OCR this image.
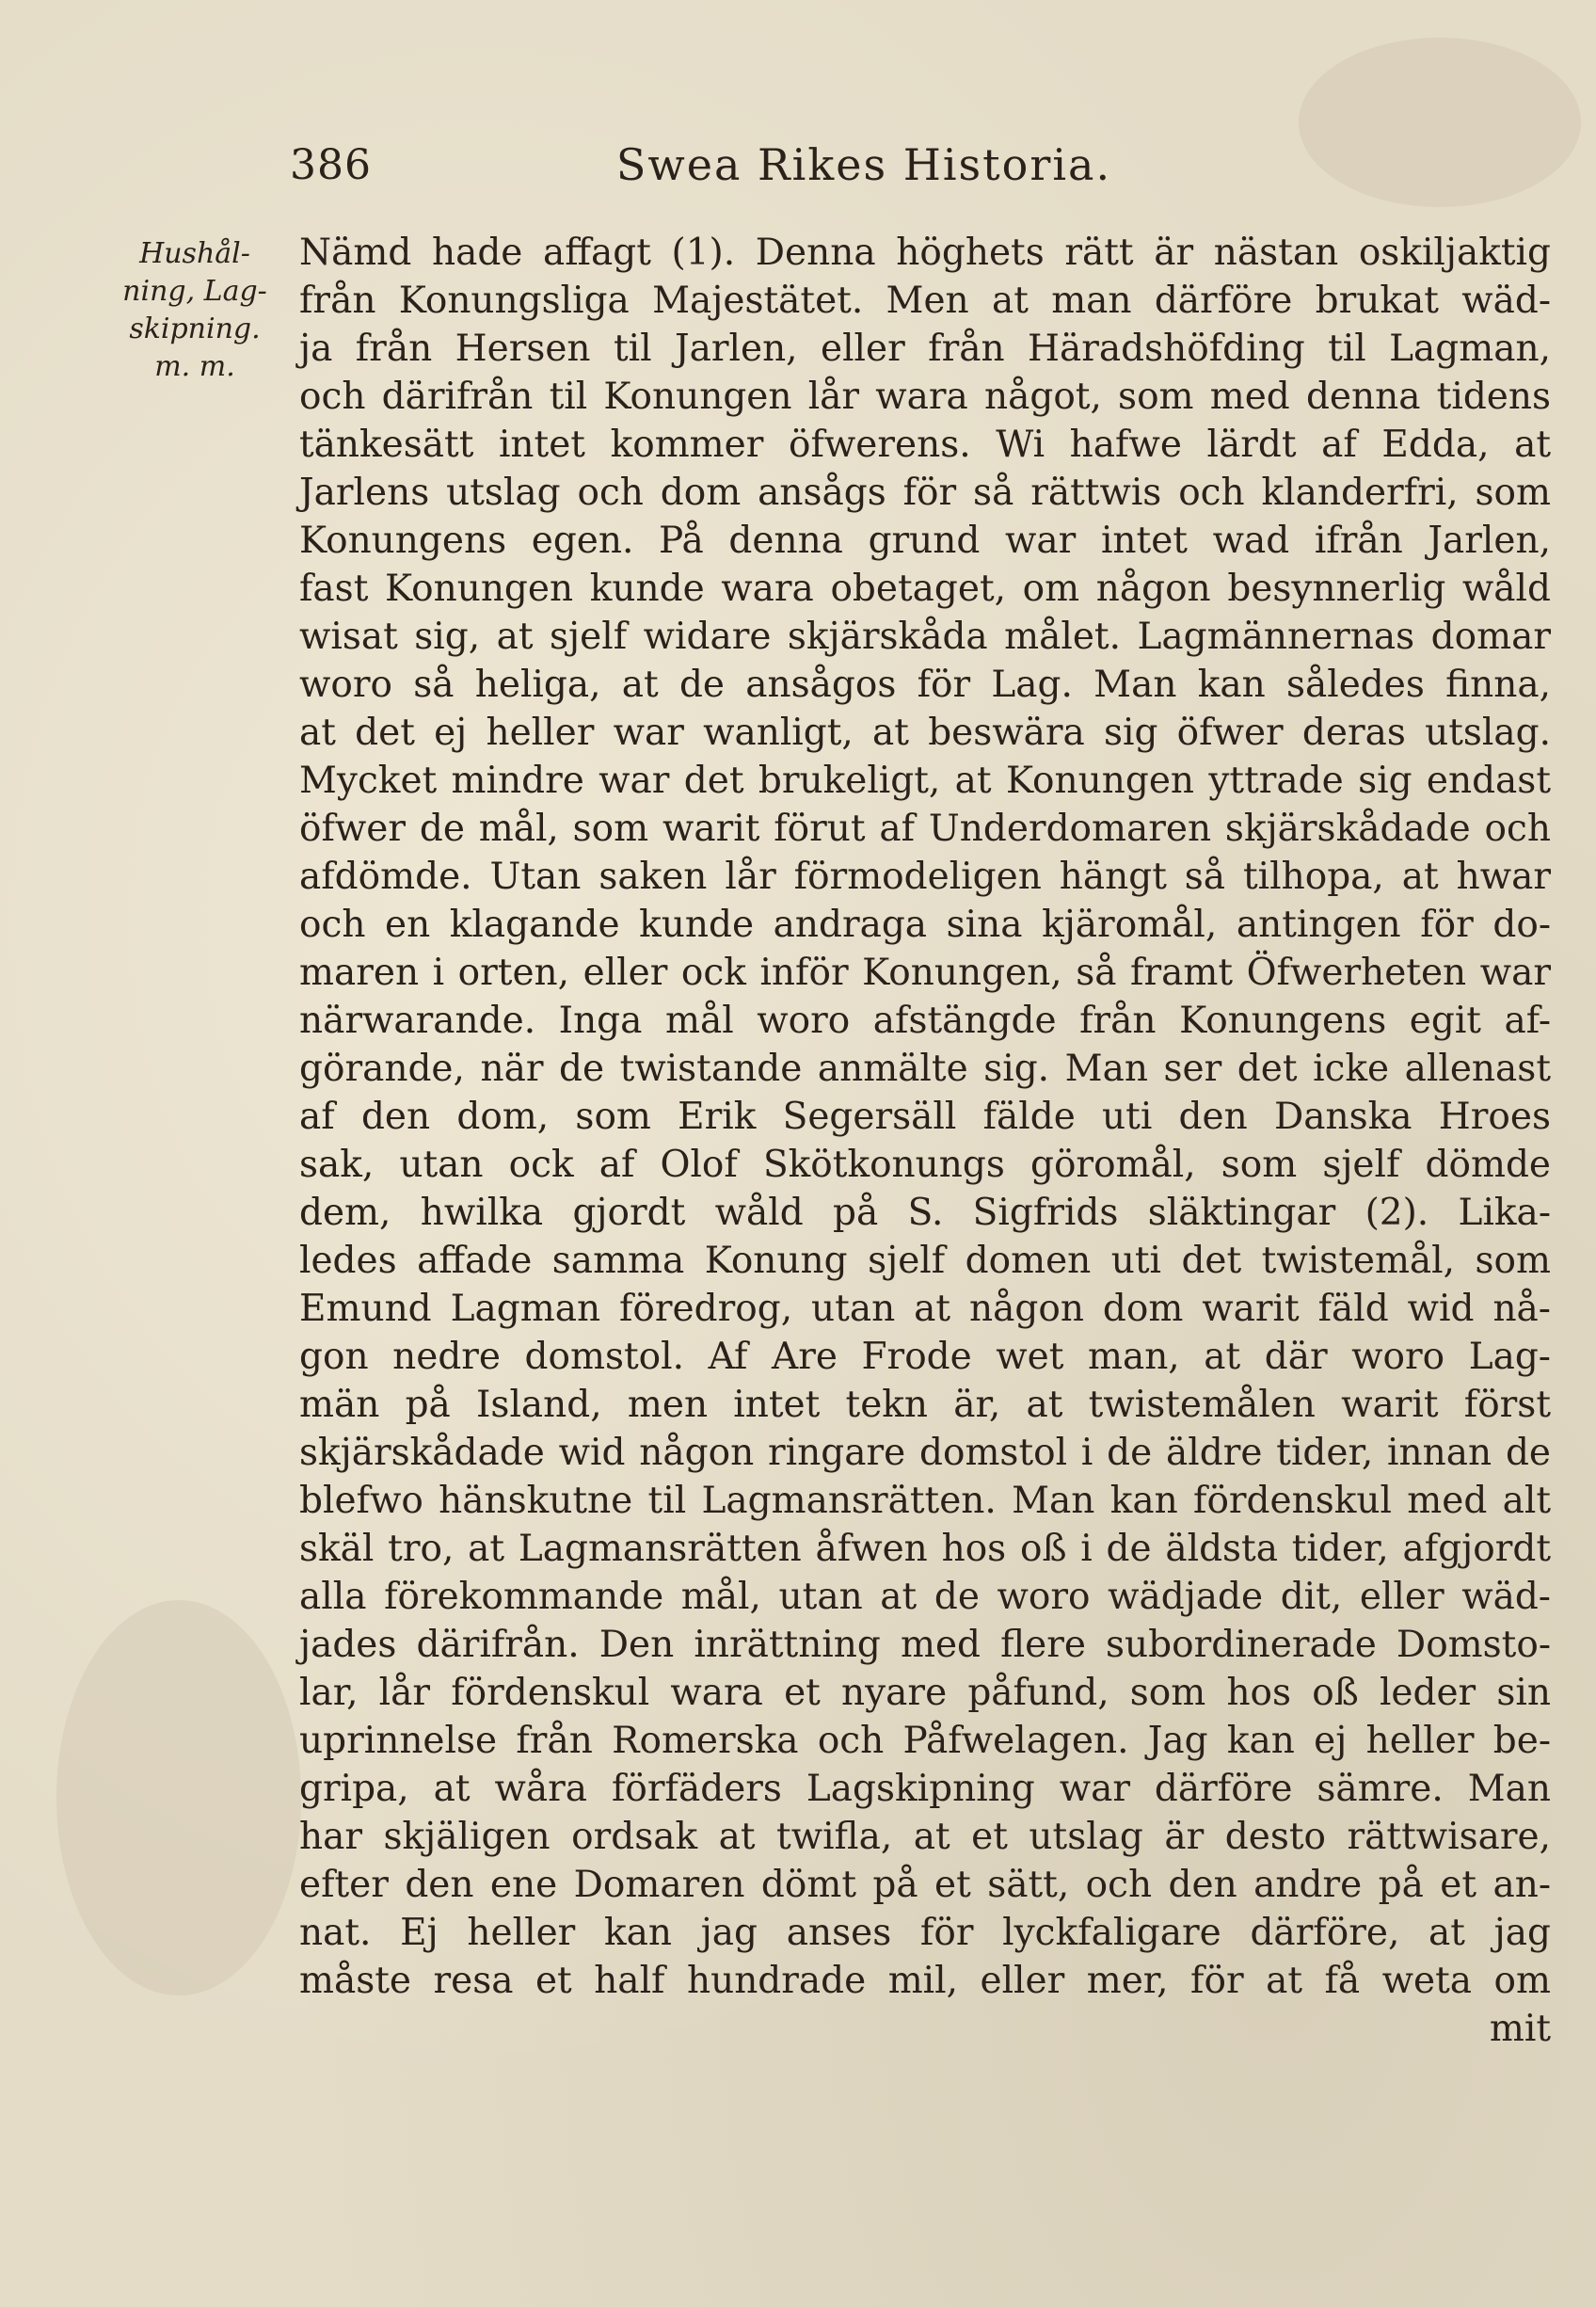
386	Swea Rikes Historia.
Hushål-
ning, Lag-
skipning.
m. m.
Nämd hade affagt (1). Denna höghets rätt är nästan oskiljaktig
från Konungsliga Majestätet. Men at man därföre brukat wäd-
ja från Hersen til Jarlen, eller från Häradshöfding til Lagman,
och därifrån til Konungen lår wara något, som med denna tidens
tänkesätt intet kommer öfwerens. Wi hafwe lärdt af Edda, at
Jarlens utslag och dom ansågs för så rättwis och klanderfri, som
Konungens egen. På denna grund war intet wad ifrån Jarlen,
fast Konungen kunde wara obetaget, om någon besynnerlig wåld
wisat sig, at sjelf widare skjärskåda målet. Lagmännernas domar
woro så heliga, at de ansågos för Lag. Man kan således finna,
at det ej heller war wanligt, at beswära sig öfwer deras utslag.
Mycket mindre war det brukeligt, at Konungen yttrade sig endast
öfwer de mål, som warit förut af Underdomaren skjärskådade och
afdömde. Utan saken lår förmodeligen hängt så tilhopa, at hwar
och en klagande kunde andraga sina kjäromål, antingen för do-
maren i orten, eller ock inför Konungen, så framt Öfwerheten war
närwarande. Inga mål woro afstängde från Konungens egit af-
görande, när de twistande anmälte sig. Man ser det icke allenast
af den dom, som Erik Segersäll fälde uti den Danska Hroes
sak, utan ock af Olof Skötkonungs göromål, som sjelf dömde
dem, hwilka gjordt wåld på S. Sigfrids släktingar (2). Lika-
ledes affade samma Konung sjelf domen uti det twistemål, som
Emund Lagman föredrog, utan at någon dom warit fäld wid nå-
gon nedre domstol. Af Are Frode wet man, at där woro Lag-
män på Island, men intet tekn är, at twistemålen warit först
skjärskådade wid någon ringare domstol i de äldre tider, innan de
blefwo hänskutne til Lagmansrätten. Man kan fördenskul med alt
skäl tro, at Lagmansrätten åfwen hos oß i de äldsta tider, afgjordt
alla förekommande mål, utan at de woro wädjade dit, eller wäd-
jades därifrån. Den inrättning med flere subordinerade Domsto-
lar, lår fördenskul wara et nyare påfund, som hos oß leder sin
uprinnelse från Romerska och Påfwelagen. Jag kan ej heller be-
gripa, at wåra förfäders Lagskipning war därföre sämre. Man
har skjäligen ordsak at twifla, at et utslag är desto rättwisare,
efter den ene Domaren dömt på et sätt, och den andre på et an-
nat. Ej heller kan jag anses för lyckfaligare därföre, at jag
måste resa et half hundrade mil, eller mer, för at få weta om
mit
